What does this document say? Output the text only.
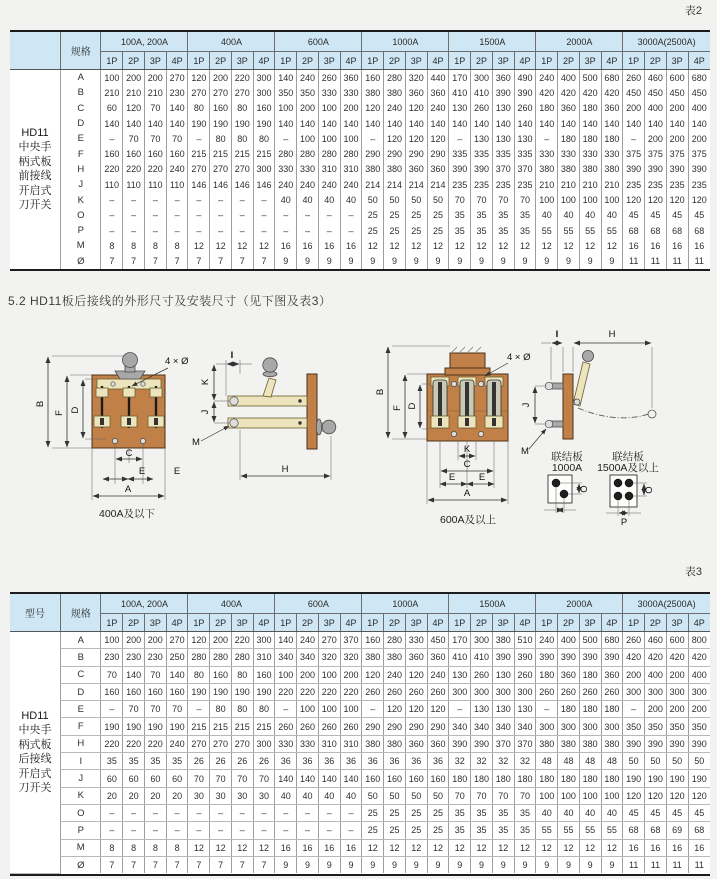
表2
	规格	100A, 200A				400A				600A				1000A				1500A				2000A				3000A(2500A)			
		1P	2P	3P	4P	1P	2P	3P	4P	1P	2P	3P	4P	1P	2P	3P	4P	1P	2P	3P	4P	1P	2P	3P	4P	1P	2P	3P	4P

HD11
中央手
柄式板
前接线
开启式
刀开关
	A	100	200	200	270	120	200	220	300	140	240	260	360	160	280	320	440	170	300	360	490	240	400	500	680	260	460	600	680
	B	210	210	210	230	270	270	270	300	350	350	330	330	380	380	360	360	410	410	390	390	420	420	420	420	450	450	450	450
	C	60	120	70	140	80	160	80	160	100	200	100	200	120	240	120	240	130	260	130	260	180	360	180	360	200	400	200	400
	D	140	140	140	140	190	190	190	190	140	140	140	140	140	140	140	140	140	140	140	140	140	140	140	140	140	140	140	140
	E	–	70	70	70	–	80	80	80	–	100	100	100	–	120	120	120	–	130	130	130	–	180	180	180	–	200	200	200
	F	160	160	160	160	215	215	215	215	280	280	280	280	290	290	290	290	335	335	335	335	330	330	330	330	375	375	375	375
	H	220	220	220	240	270	270	270	300	330	330	310	310	380	380	360	360	390	390	370	370	380	380	380	380	390	390	390	390
	J	110	110	110	110	146	146	146	146	240	240	240	240	214	214	214	214	235	235	235	235	210	210	210	210	235	235	235	235
	K	–	–	–	–	–	–	–	–	40	40	40	40	50	50	50	50	70	70	70	70	100	100	100	100	120	120	120	120
	O	–	–	–	–	–	–	–	–	–	–	–	–	25	25	25	25	35	35	35	35	40	40	40	40	45	45	45	45
	P	–	–	–	–	–	–	–	–	–	–	–	–	25	25	25	25	35	35	35	35	55	55	55	55	68	68	68	68
	M	8	8	8	8	12	12	12	12	16	16	16	16	12	12	12	12	12	12	12	12	12	12	12	12	16	16	16	16
	Ø	7	7	7	7	7	7	7	7	9	9	9	9	9	9	9	9	9	9	9	9	9	9	9	9	11	11	11	11
5.2 HD11板后接线的外形尺寸及安装尺寸（见下图及表3）
B
F D
4 × Ø
C
E	E
A
400A及以下
I
K
J
M
H
B
F D
4 × Ø
K
C
E E
A
600A及以上
I	H
J
M 联结板
1000A
O
联结板
1500A及以上
O
P
表3
型号	规格	100A, 200A				400A				600A				1000A				1500A				2000A				3000A(2500A)			
		1P	2P	3P	4P	1P	2P	3P	4P	1P	2P	3P	4P	1P	2P	3P	4P	1P	2P	3P	4P	1P	2P	3P	4P	1P	2P	3P	4P

HD11
中央手
柄式板
后接线
开启式
刀开关
	A	100	200	200	270	120	200	220	300	140	240	270	370	160	280	330	450	170	300	380	510	240	400	500	680	260	460	600	800
	B	230	230	230	250	280	280	280	310	340	340	320	320	380	380	360	360	410	410	390	390	390	390	390	390	420	420	420	420
	C	70	140	70	140	80	160	80	160	100	200	100	200	120	240	120	240	130	260	130	260	180	360	180	360	200	400	200	400
	D	160	160	160	160	190	190	190	190	220	220	220	220	260	260	260	260	300	300	300	300	260	260	260	260	300	300	300	300
	E	–	70	70	70	–	80	80	80	–	100	100	100	–	120	120	120	–	130	130	130	–	180	180	180	–	200	200	200
	F	190	190	190	190	215	215	215	215	260	260	260	260	290	290	290	290	340	340	340	340	300	300	300	300	350	350	350	350
	H	220	220	220	240	270	270	270	300	330	330	310	310	380	380	360	360	390	390	370	370	380	380	380	380	390	390	390	390
	I	35	35	35	35	26	26	26	26	36	36	36	36	36	36	36	36	32	32	32	32	48	48	48	48	50	50	50	50
	J	60	60	60	60	70	70	70	70	140	140	140	140	160	160	160	160	180	180	180	180	180	180	180	180	190	190	190	190
	K	20	20	20	20	30	30	30	30	40	40	40	40	50	50	50	50	70	70	70	70	100	100	100	100	120	120	120	120
	O	–	–	–	–	–	–	–	–	–	–	–	–	25	25	25	25	35	35	35	35	40	40	40	40	45	45	45	45
	P	–	–	–	–	–	–	–	–	–	–	–	–	25	25	25	25	35	35	35	35	55	55	55	55	68	68	69	68
	M	8	8	8	8	12	12	12	12	16	16	16	16	12	12	12	12	12	12	12	12	12	12	12	12	16	16	16	16
	Ø	7	7	7	7	7	7	7	7	9	9	9	9	9	9	9	9	9	9	9	9	9	9	9	9	11	11	11	11
